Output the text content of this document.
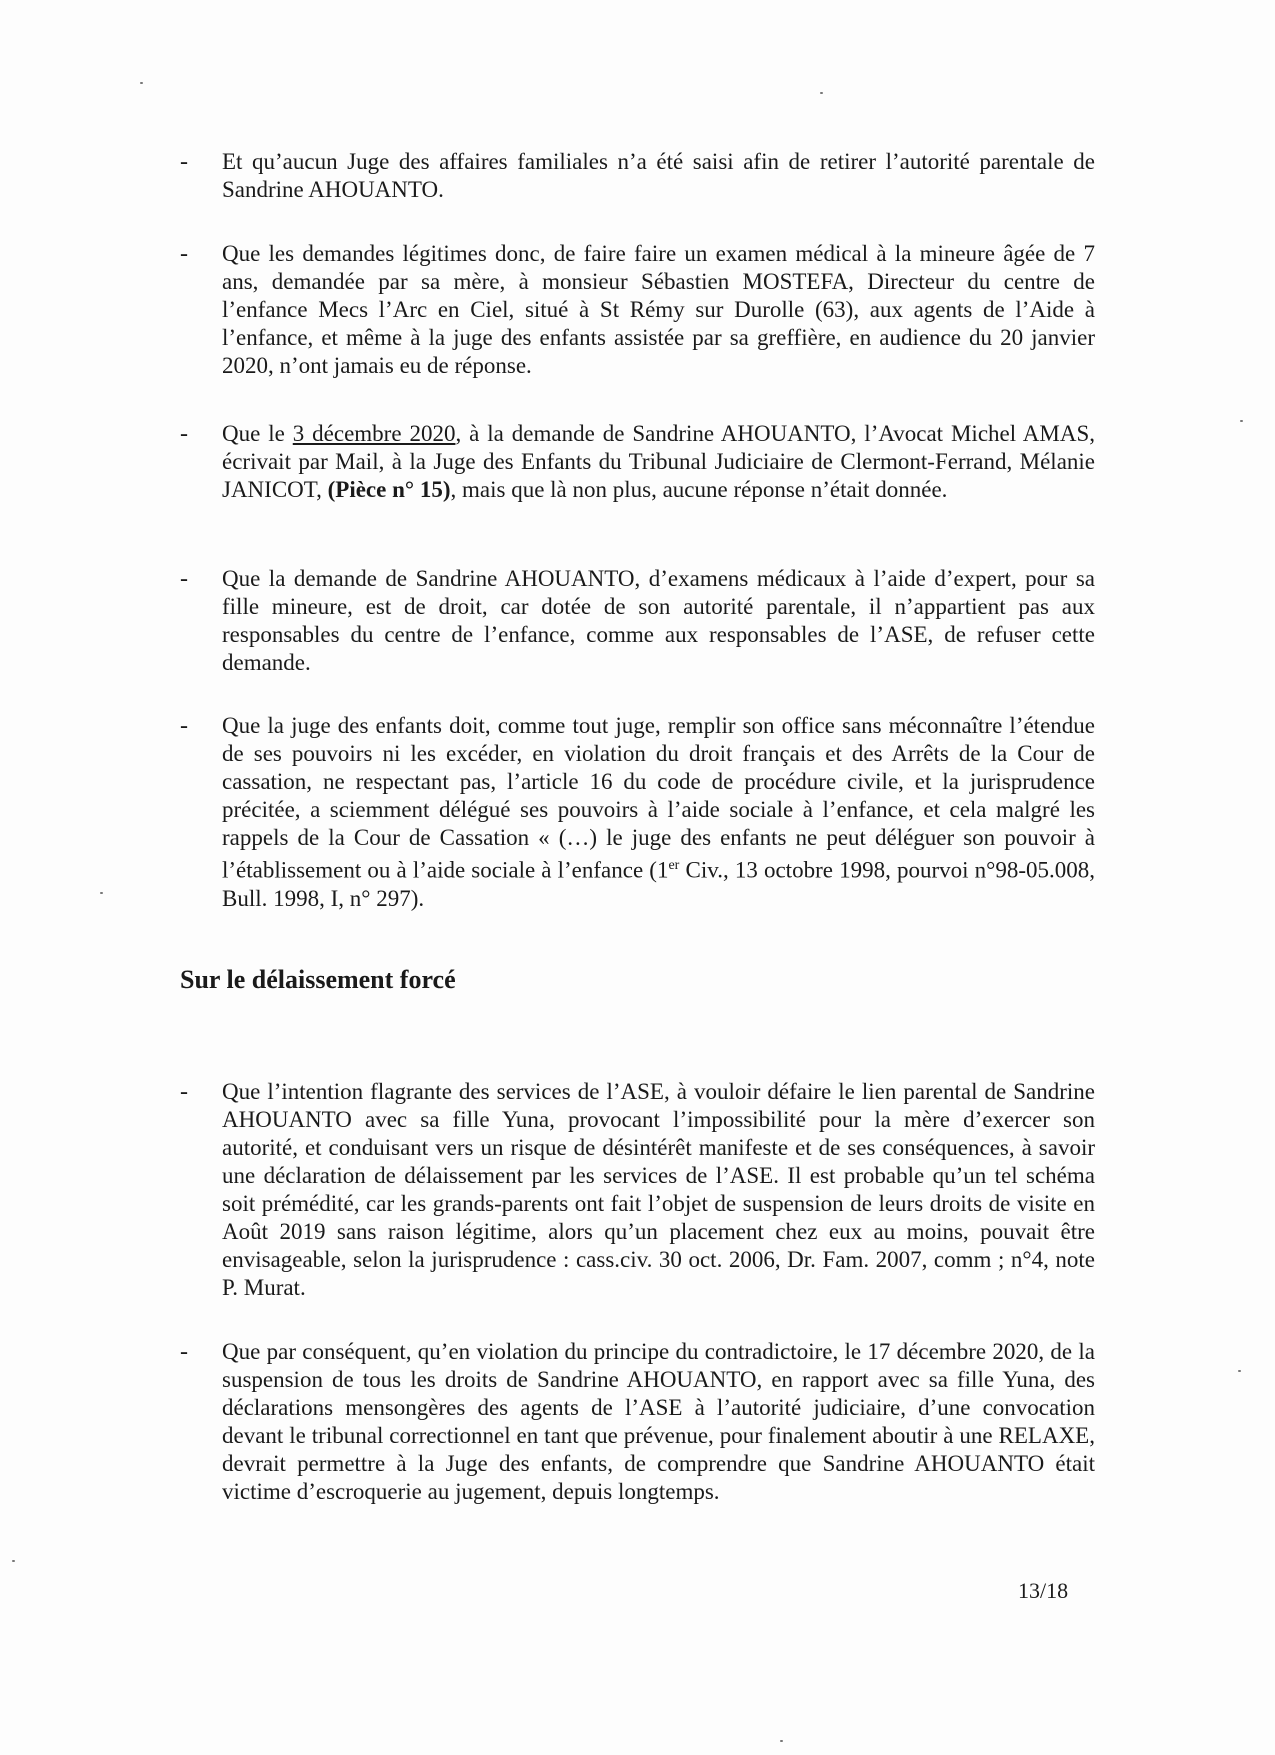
- Et qu’aucun Juge des affaires familiales n’a été saisi afin de retirer l’autorité parentale de Sandrine AHOUANTO.
- Que les demandes légitimes donc, de faire faire un examen médical à la mineure âgée de 7 ans, demandée par sa mère, à monsieur Sébastien MOSTEFA, Directeur du centre de l’enfance Mecs l’Arc en Ciel, situé à St Rémy sur Durolle (63), aux agents de l’Aide à l’enfance, et même à la juge des enfants assistée par sa greffière, en audience du 20 janvier 2020, n’ont jamais eu de réponse.
- Que le 3 décembre 2020, à la demande de Sandrine AHOUANTO, l’Avocat Michel AMAS, écrivait par Mail, à la Juge des Enfants du Tribunal Judiciaire de Clermont-Ferrand, Mélanie JANICOT, (Pièce n° 15), mais que là non plus, aucune réponse n’était donnée.
- Que la demande de Sandrine AHOUANTO, d’examens médicaux à l’aide d’expert, pour sa fille mineure, est de droit, car dotée de son autorité parentale, il n’appartient pas aux responsables du centre de l’enfance, comme aux responsables de l’ASE, de refuser cette demande.
- Que la juge des enfants doit, comme tout juge, remplir son office sans méconnaître l’étendue de ses pouvoirs ni les excéder, en violation du droit français et des Arrêts de la Cour de cassation, ne respectant pas, l’article 16 du code de procédure civile, et la jurisprudence précitée, a sciemment délégué ses pouvoirs à l’aide sociale à l’enfance, et cela malgré les rappels de la Cour de Cassation « (…) le juge des enfants ne peut déléguer son pouvoir à l’établissement ou à l’aide sociale à l’enfance (1er Civ., 13 octobre 1998, pourvoi n°98-05.008, Bull. 1998, I, n° 297).
Sur le délaissement forcé
- Que l’intention flagrante des services de l’ASE, à vouloir défaire le lien parental de Sandrine AHOUANTO avec sa fille Yuna, provocant l’impossibilité pour la mère d’exercer son autorité, et conduisant vers un risque de désintérêt manifeste et de ses conséquences, à savoir une déclaration de délaissement par les services de l’ASE. Il est probable qu’un tel schéma soit prémédité, car les grands-parents ont fait l’objet de suspension de leurs droits de visite en Août 2019 sans raison légitime, alors qu’un placement chez eux au moins, pouvait être envisageable, selon la jurisprudence : cass.civ. 30 oct. 2006, Dr. Fam. 2007, comm ; n°4, note P. Murat.
- Que par conséquent, qu’en violation du principe du contradictoire, le 17 décembre 2020, de la suspension de tous les droits de Sandrine AHOUANTO, en rapport avec sa fille Yuna, des déclarations mensongères des agents de l’ASE à l’autorité judiciaire, d’une convocation devant le tribunal correctionnel en tant que prévenue, pour finalement aboutir à une RELAXE, devrait permettre à la Juge des enfants, de comprendre que Sandrine AHOUANTO était victime d’escroquerie au jugement, depuis longtemps.
13/18
